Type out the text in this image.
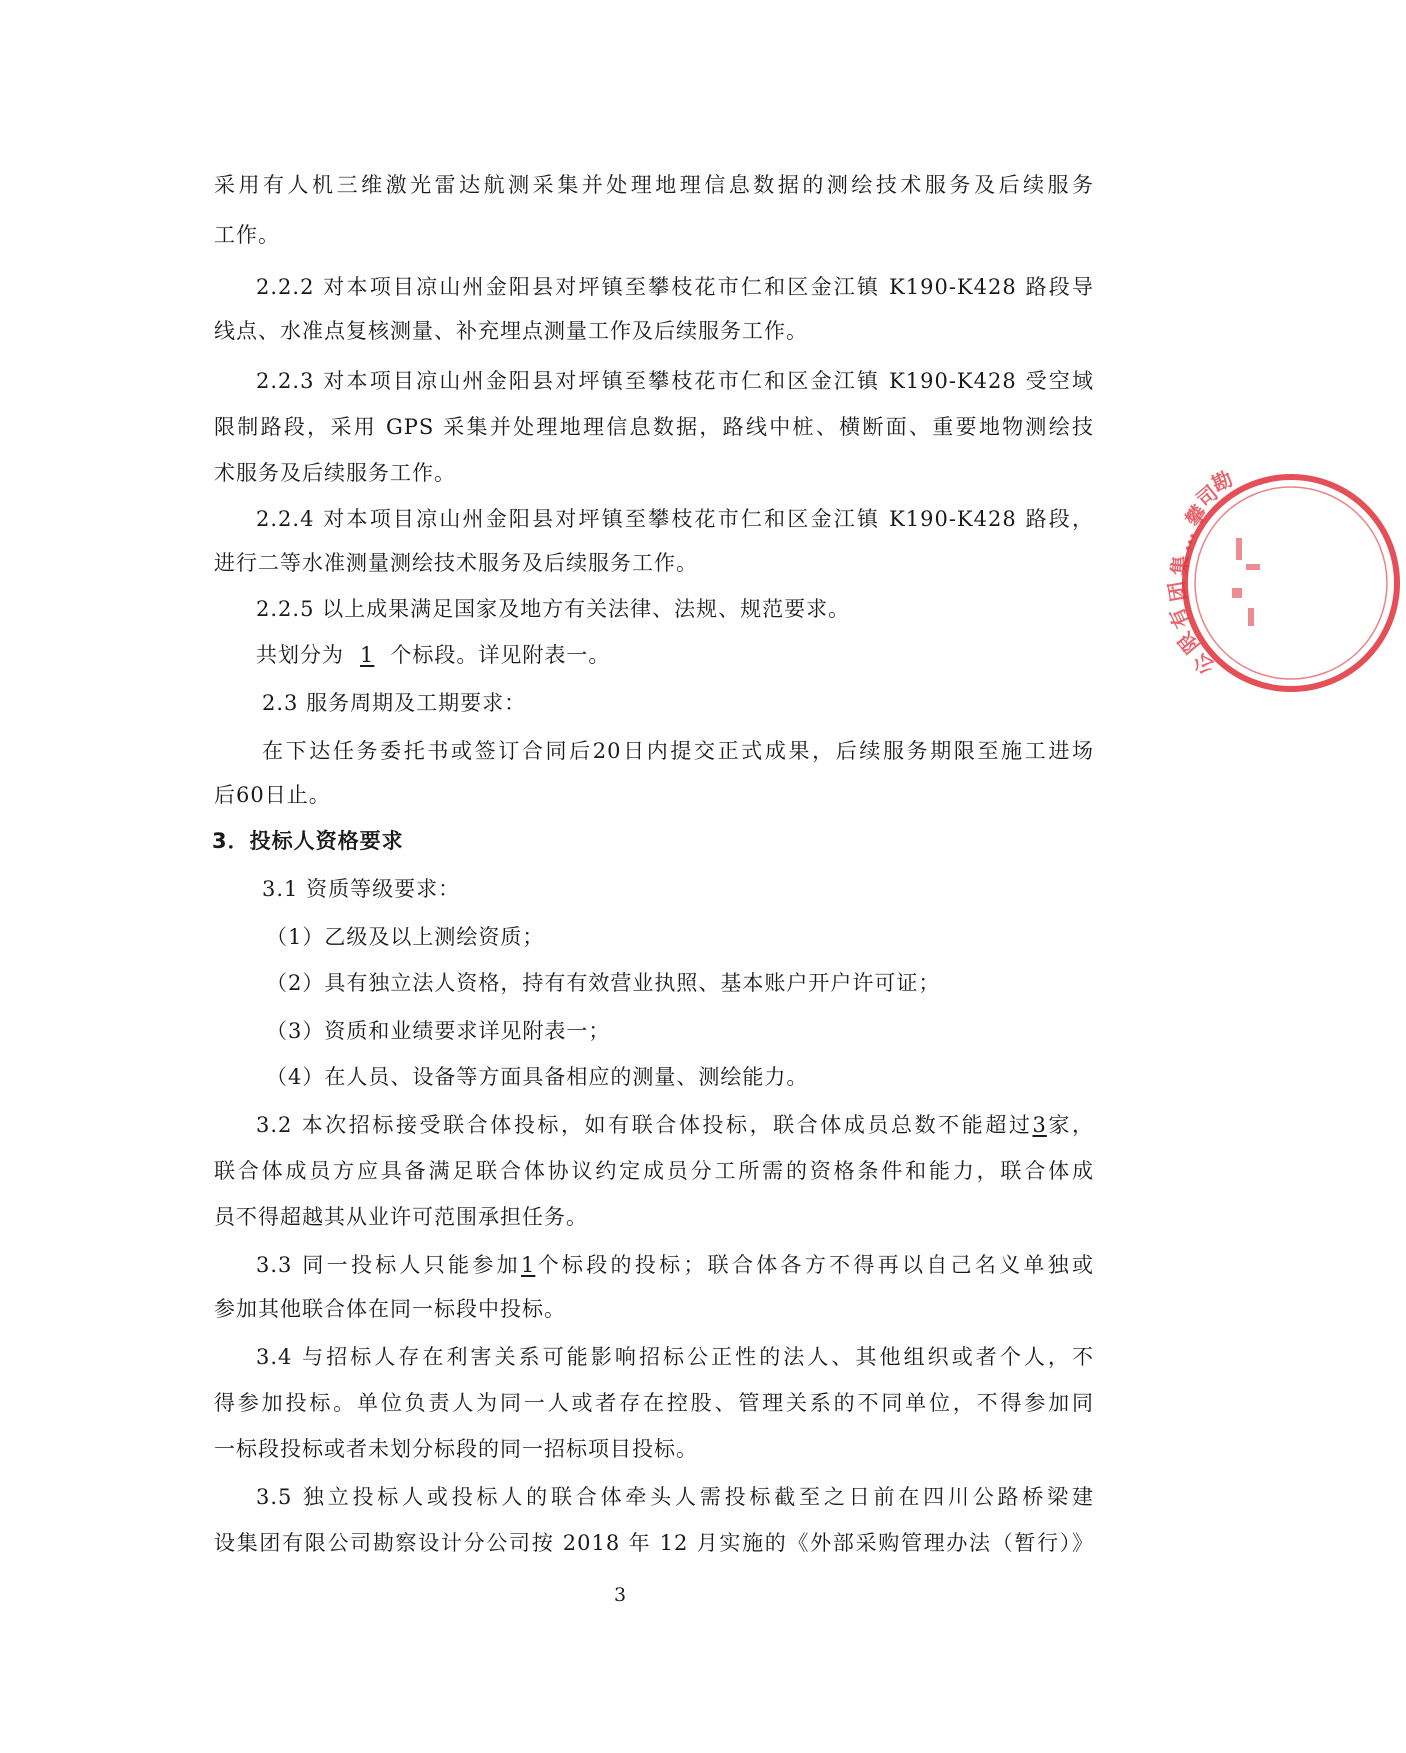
采用有人机三维激光雷达航测采集并处理地理信息数据的测绘技术服务及后续服务
工作。
2.2.2 对本项目凉山州金阳县对坪镇至攀枝花市仁和区金江镇 K190-K428 路段导
线点、水准点复核测量、补充埋点测量工作及后续服务工作。
2.2.3 对本项目凉山州金阳县对坪镇至攀枝花市仁和区金江镇 K190-K428 受空域
限制路段，采用 GPS 采集并处理地理信息数据，路线中桩、横断面、重要地物测绘技
术服务及后续服务工作。
2.2.4 对本项目凉山州金阳县对坪镇至攀枝花市仁和区金江镇 K190-K428 路段，
进行二等水准测量测绘技术服务及后续服务工作。
2.2.5 以上成果满足国家及地方有关法律、法规、规范要求。
共划分为 1 个标段。详见附表一。
2.3 服务周期及工期要求：
在下达任务委托书或签订合同后20日内提交正式成果，后续服务期限至施工进场
后60日止。
3．投标人资格要求
3.1 资质等级要求：
（1）乙级及以上测绘资质；
（2）具有独立法人资格，持有有效营业执照、基本账户开户许可证；
（3）资质和业绩要求详见附表一；
（4）在人员、设备等方面具备相应的测量、测绘能力。
3.2 本次招标接受联合体投标，如有联合体投标，联合体成员总数不能超过3家，
联合体成员方应具备满足联合体协议约定成员分工所需的资格条件和能力，联合体成
员不得超越其从业许可范围承担任务。
3.3 同一投标人只能参加1个标段的投标；联合体各方不得再以自己名义单独或
参加其他联合体在同一标段中投标。
3.4 与招标人存在利害关系可能影响招标公正性的法人、其他组织或者个人，不
得参加投标。单位负责人为同一人或者存在控股、管理关系的不同单位，不得参加同
一标段投标或者未划分标段的同一招标项目投标。
3.5 独立投标人或投标人的联合体牵头人需投标截至之日前在四川公路桥梁建
设集团有限公司勘察设计分公司按 2018 年 12 月实施的《外部采购管理办法（暂行）》
3
攀
…
集
团
有
限
公
司
勘
